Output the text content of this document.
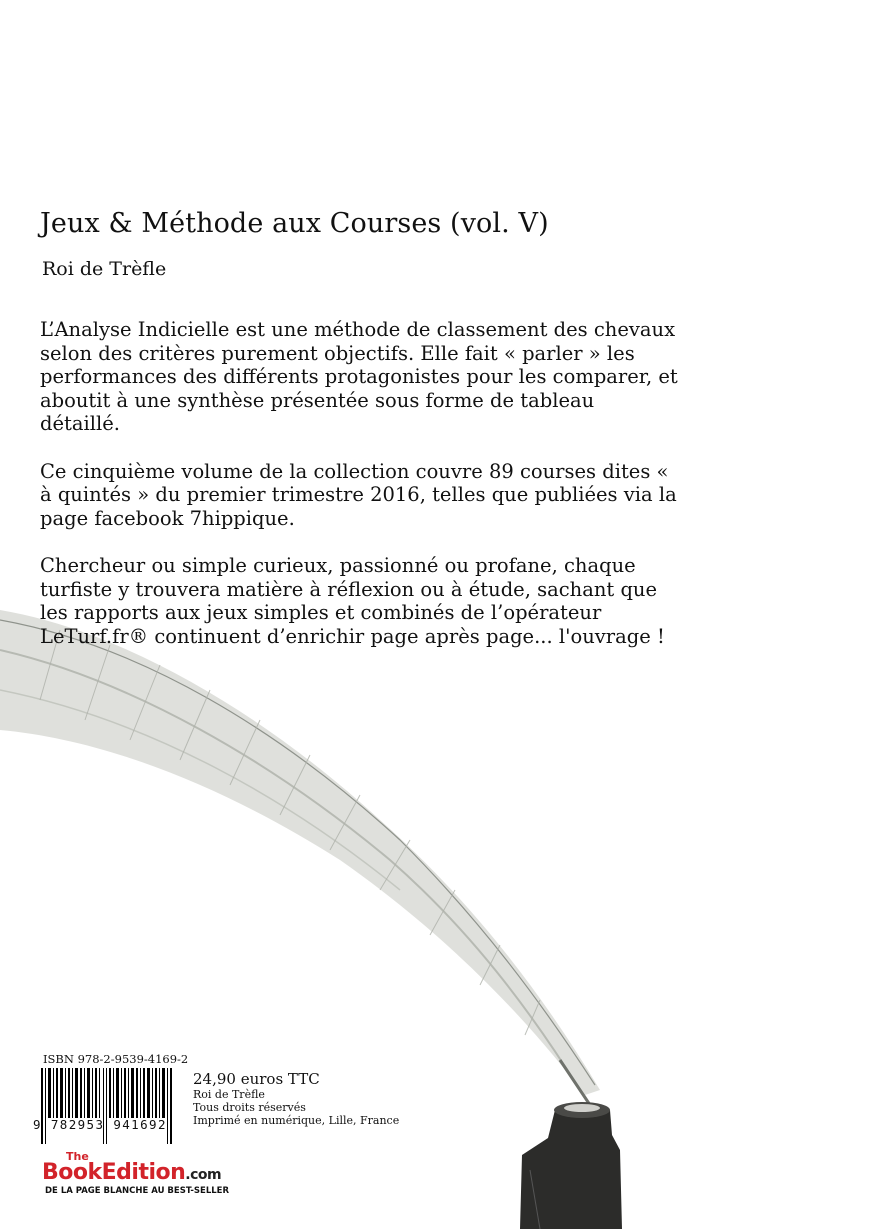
Jeux & Méthode aux Courses (vol. V)
Roi de Trèfle

L’Analyse Indicielle est une méthode de classement des chevaux selon des critères purement objectifs. Elle fait « parler » les performances des différents protagonistes pour les comparer, et aboutit à une synthèse présentée sous forme de tableau détaillé.

Ce cinquième volume de la collection couvre 89 courses dites « à quintés » du premier trimestre 2016, telles que publiées via la page facebook 7hippique.

Chercheur ou simple curieux, passionné ou profane, chaque turfiste y trouvera matière à réflexion ou à étude, sachant que les rapports aux jeux simples et combinés de l’opérateur LeTurf.fr® continuent d’enrichir page après page... l'ouvrage !

ISBN 978-2-9539-4169-2
9 782953 941692
24,90 euros TTC
Roi de Trèfle
Tous droits réservés
Imprimé en numérique, Lille, France
The
BookEdition.com
DE LA PAGE BLANCHE AU BEST-SELLER
